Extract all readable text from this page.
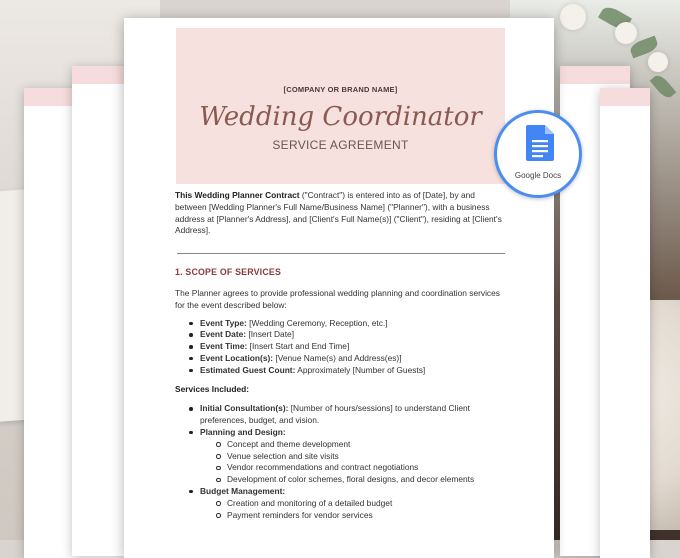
[COMPANY OR BRAND NAME]
Wedding Coordinator
SERVICE AGREEMENT

This Wedding Planner Contract ("Contract") is entered into as of [Date], by and between [Wedding Planner's Full Name/Business Name] ("Planner"), with a business address at [Planner's Address], and [Client's Full Name(s)] ("Client"), residing at [Client's Address].

1. SCOPE OF SERVICES
The Planner agrees to provide professional wedding planning and coordination services for the event described below:
Event Type: [Wedding Ceremony, Reception, etc.]
Event Date: [Insert Date]
Event Time: [Insert Start and End Time]
Event Location(s): [Venue Name(s) and Address(es)]
Estimated Guest Count: Approximately [Number of Guests]
Services Included:
Initial Consultation(s): [Number of hours/sessions] to understand Client preferences, budget, and vision.
Planning and Design:
Concept and theme development
Venue selection and site visits
Vendor recommendations and contract negotiations
Development of color schemes, floral designs, and decor elements
Budget Management:
Creation and monitoring of a detailed budget
Payment reminders for vendor services
Google Docs
